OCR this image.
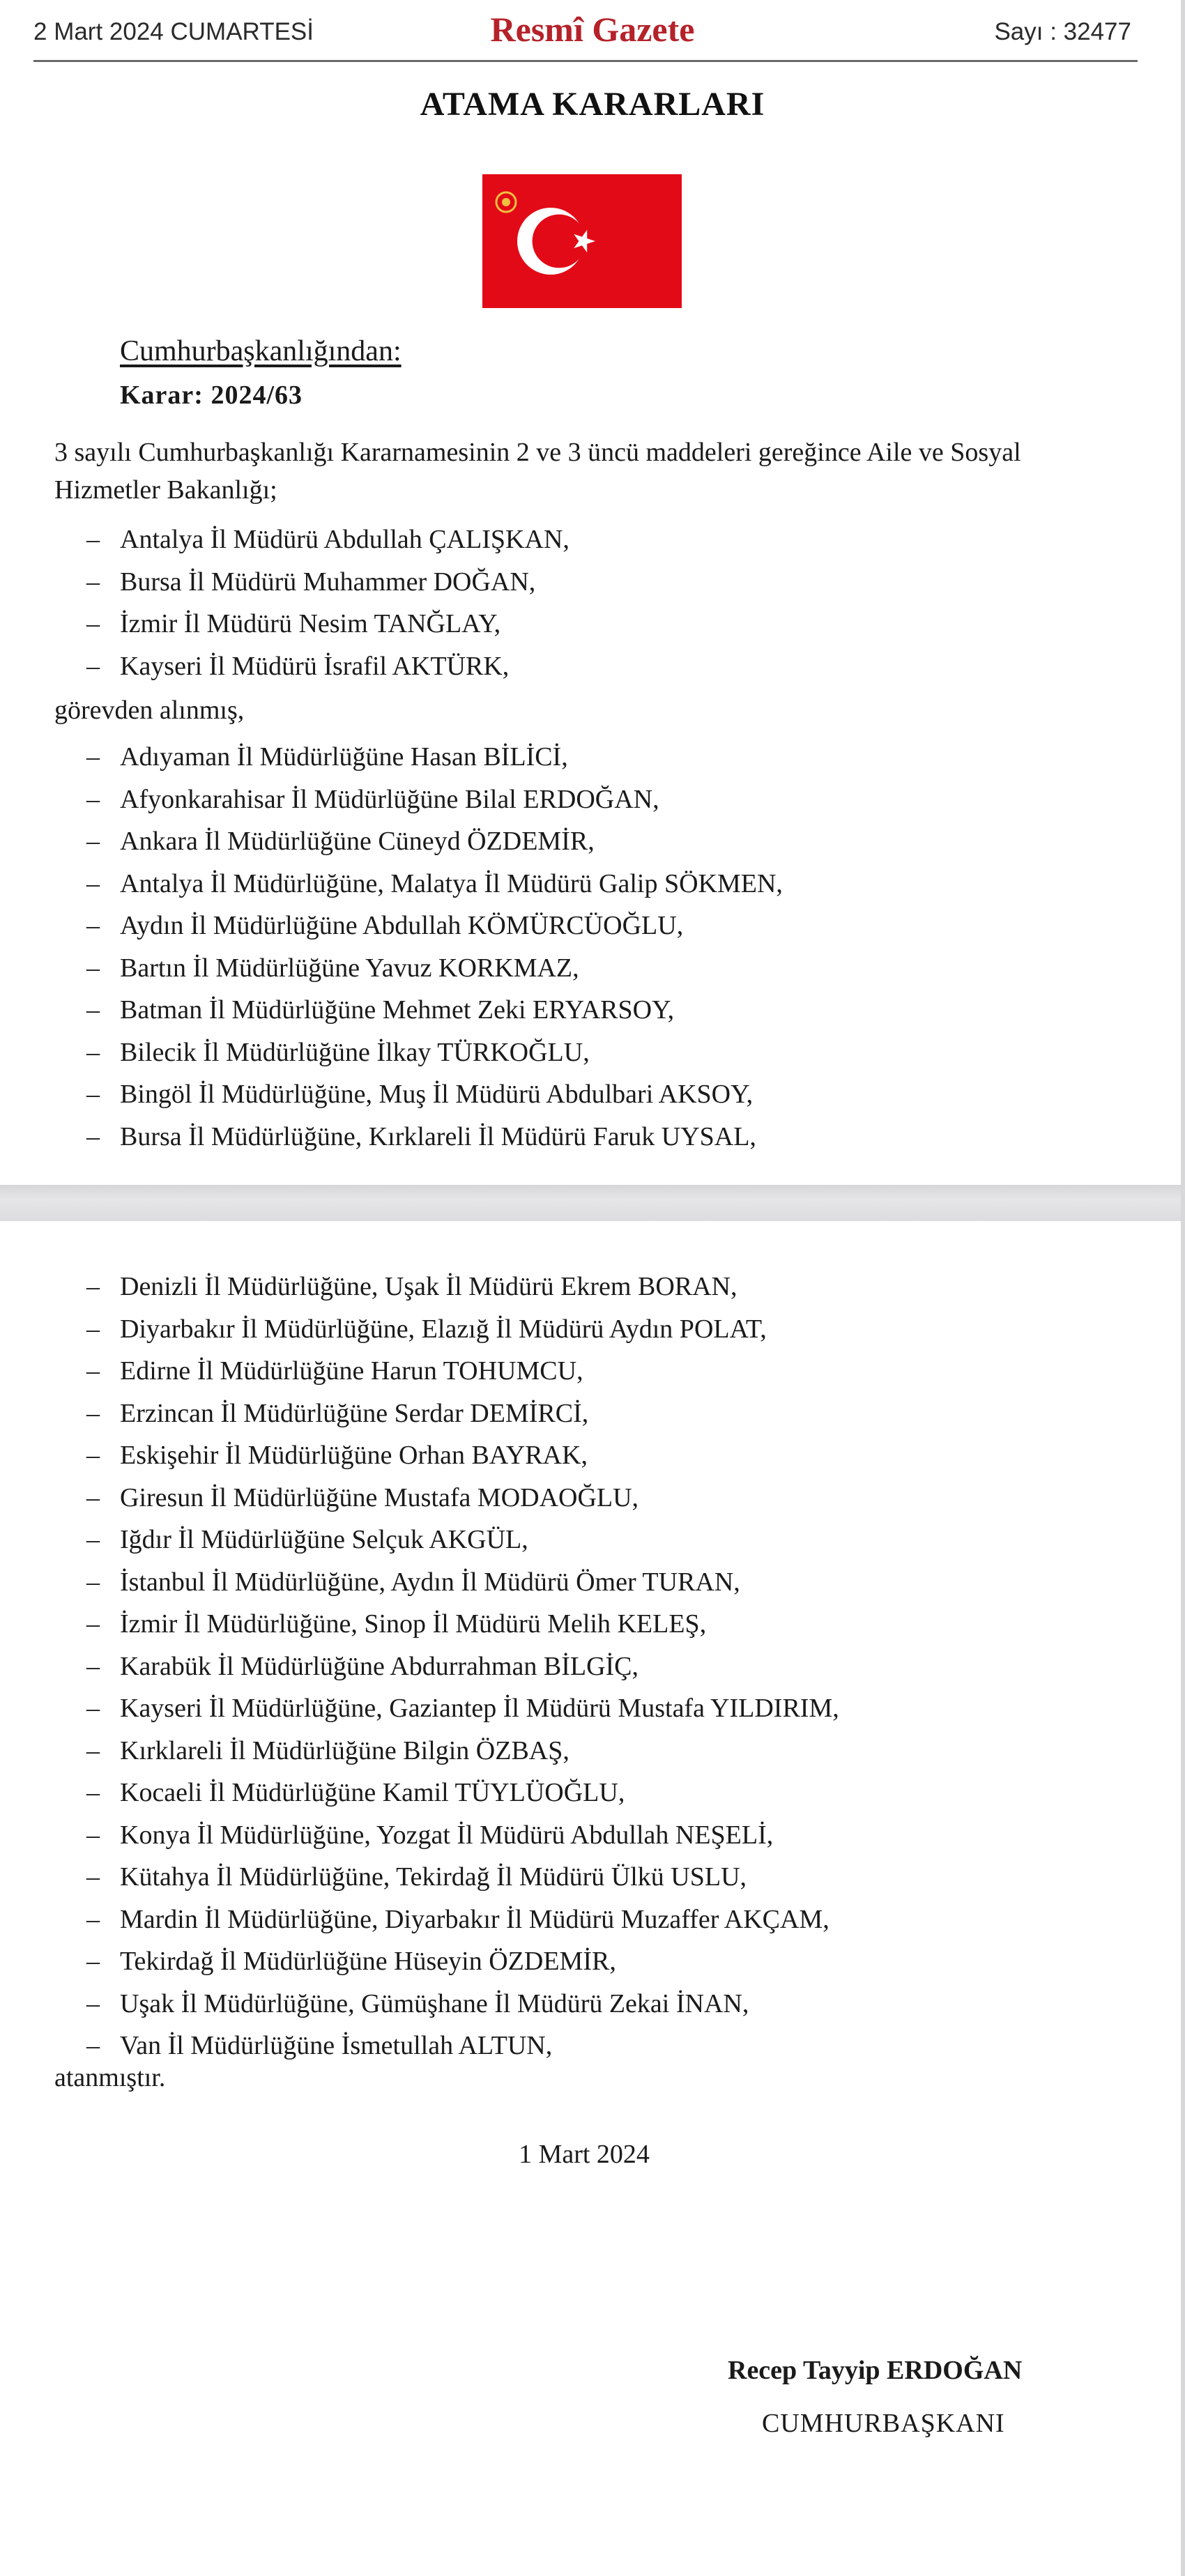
2 Mart 2024 CUMARTESİ	Resmî Gazete	Sayı : 32477
ATAMA KARARLARI
Cumhurbaşkanlığından:
Karar: 2024/63
3 sayılı Cumhurbaşkanlığı Kararnamesinin 2 ve 3 üncü maddeleri gereğince Aile ve Sosyal Hizmetler Bakanlığı;
– Antalya İl Müdürü Abdullah ÇALIŞKAN,
– Bursa İl Müdürü Muhammer DOĞAN,
– İzmir İl Müdürü Nesim TANĞLAY,
– Kayseri İl Müdürü İsrafil AKTÜRK,
görevden alınmış,
– Adıyaman İl Müdürlüğüne Hasan BİLİCİ,
– Afyonkarahisar İl Müdürlüğüne Bilal ERDOĞAN,
– Ankara İl Müdürlüğüne Cüneyd ÖZDEMİR,
– Antalya İl Müdürlüğüne, Malatya İl Müdürü Galip SÖKMEN,
– Aydın İl Müdürlüğüne Abdullah KÖMÜRCÜOĞLU,
– Bartın İl Müdürlüğüne Yavuz KORKMAZ,
– Batman İl Müdürlüğüne Mehmet Zeki ERYARSOY,
– Bilecik İl Müdürlüğüne İlkay TÜRKOĞLU,
– Bingöl İl Müdürlüğüne, Muş İl Müdürü Abdulbari AKSOY,
– Bursa İl Müdürlüğüne, Kırklareli İl Müdürü Faruk UYSAL,
– Denizli İl Müdürlüğüne, Uşak İl Müdürü Ekrem BORAN,
– Diyarbakır İl Müdürlüğüne, Elazığ İl Müdürü Aydın POLAT,
– Edirne İl Müdürlüğüne Harun TOHUMCU,
– Erzincan İl Müdürlüğüne Serdar DEMİRCİ,
– Eskişehir İl Müdürlüğüne Orhan BAYRAK,
– Giresun İl Müdürlüğüne Mustafa MODAOĞLU,
– Iğdır İl Müdürlüğüne Selçuk AKGÜL,
– İstanbul İl Müdürlüğüne, Aydın İl Müdürü Ömer TURAN,
– İzmir İl Müdürlüğüne, Sinop İl Müdürü Melih KELEŞ,
– Karabük İl Müdürlüğüne Abdurrahman BİLGİÇ,
– Kayseri İl Müdürlüğüne, Gaziantep İl Müdürü Mustafa YILDIRIM,
– Kırklareli İl Müdürlüğüne Bilgin ÖZBAŞ,
– Kocaeli İl Müdürlüğüne Kamil TÜYLÜOĞLU,
– Konya İl Müdürlüğüne, Yozgat İl Müdürü Abdullah NEŞELİ,
– Kütahya İl Müdürlüğüne, Tekirdağ İl Müdürü Ülkü USLU,
– Mardin İl Müdürlüğüne, Diyarbakır İl Müdürü Muzaffer AKÇAM,
– Tekirdağ İl Müdürlüğüne Hüseyin ÖZDEMİR,
– Uşak İl Müdürlüğüne, Gümüşhane İl Müdürü Zekai İNAN,
– Van İl Müdürlüğüne İsmetullah ALTUN,
atanmıştır.
1 Mart 2024
Recep Tayyip ERDOĞAN
CUMHURBAŞKANI
